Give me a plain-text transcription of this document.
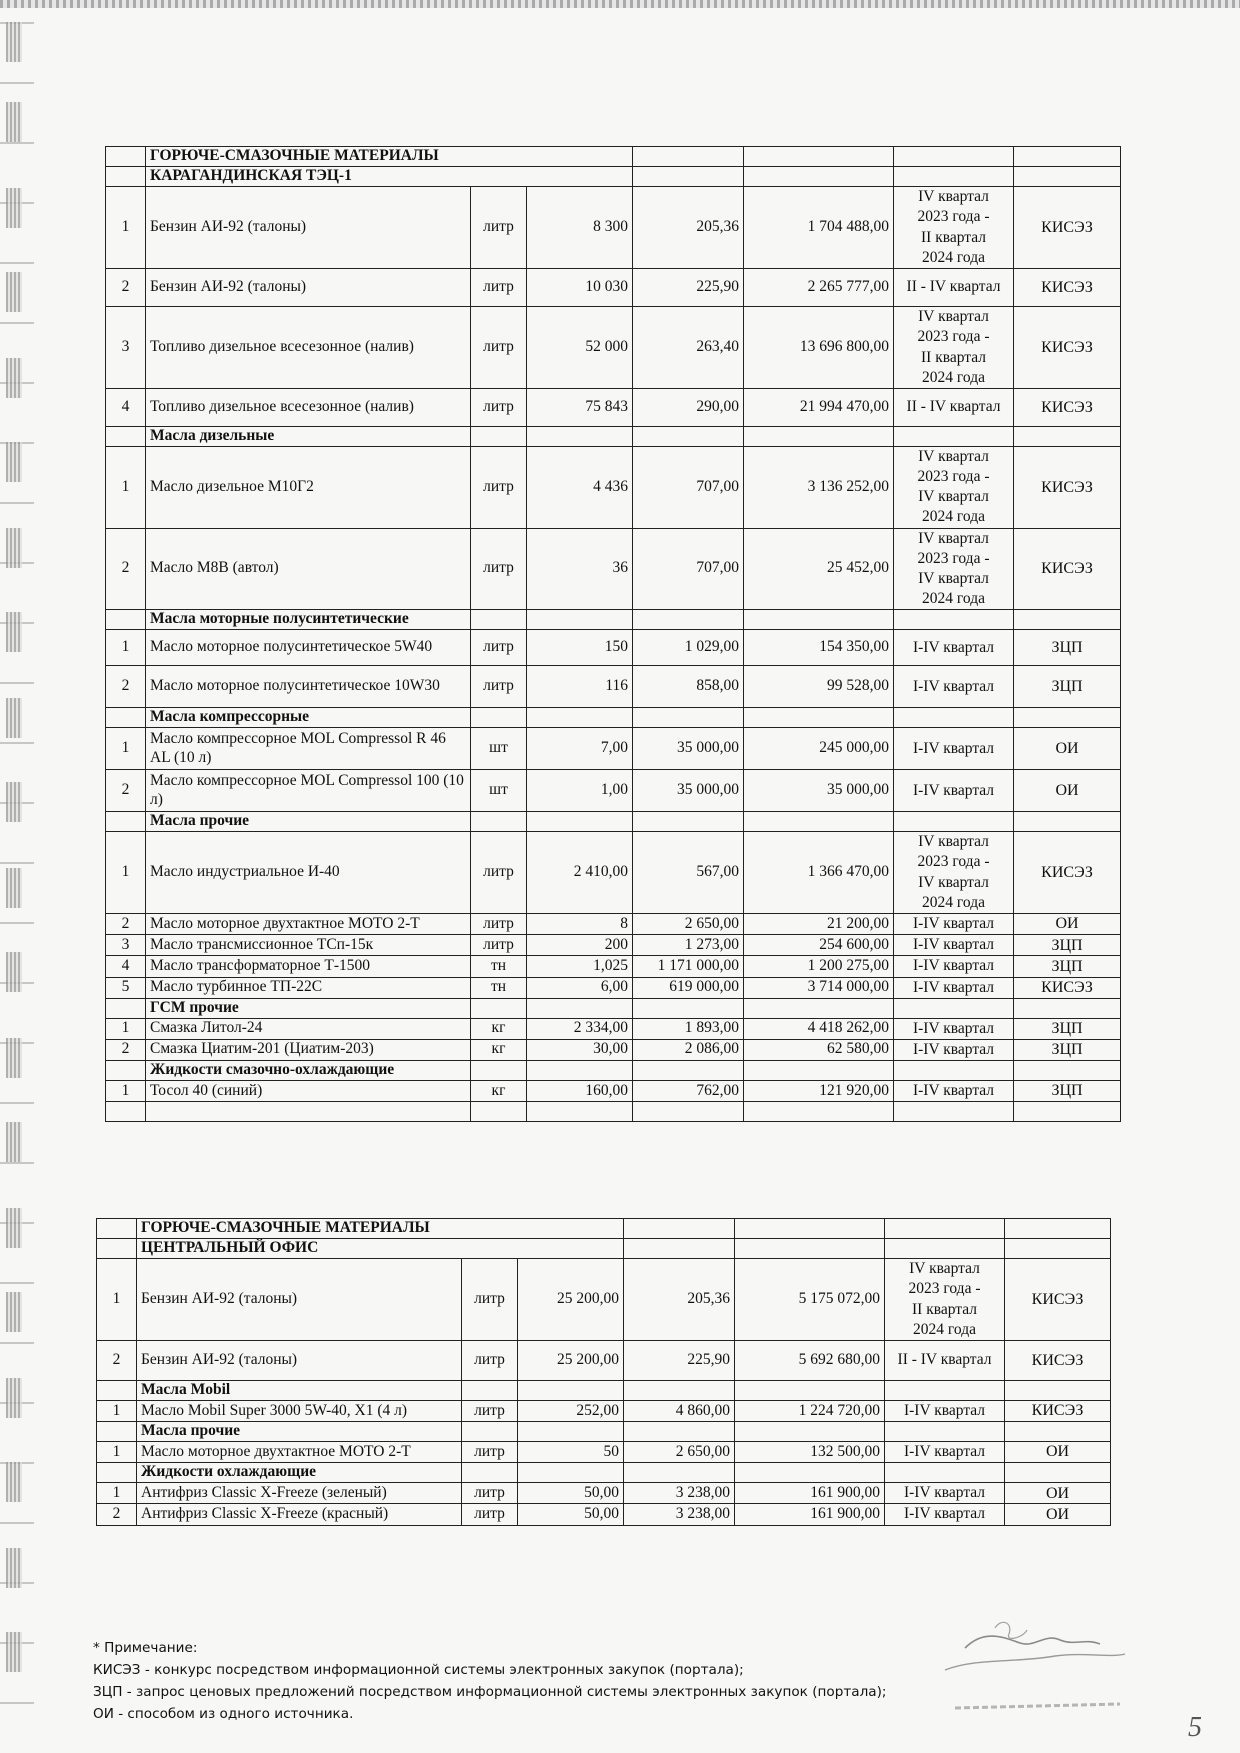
	ГОРЮЧЕ-СМАЗОЧНЫЕ МАТЕРИАЛЫ						
	КАРАГАНДИНСКАЯ ТЭЦ-1						
1	Бензин АИ-92 (талоны)	литр	8 300	205,36	1 704 488,00	IV квартал
2023 года -
II квартал
2024 года	КИСЭЗ
2	Бензин АИ-92 (талоны)	литр	10 030	225,90	2 265 777,00	II - IV квартал	КИСЭЗ
3	Топливо дизельное всесезонное (налив)	литр	52 000	263,40	13 696 800,00	IV квартал
2023 года -
II квартал
2024 года	КИСЭЗ
4	Топливо дизельное всесезонное (налив)	литр	75 843	290,00	21 994 470,00	II - IV квартал	КИСЭЗ
	Масла дизельные						
1	Масло дизельное М10Г2	литр	4 436	707,00	3 136 252,00	IV квартал
2023 года -
IV квартал
2024 года	КИСЭЗ
2	Масло М8В (автол)	литр	36	707,00	25 452,00	IV квартал
2023 года -
IV квартал
2024 года	КИСЭЗ
	Масла моторные полусинтетические						
1	Масло моторное полусинтетическое 5W40	литр	150	1 029,00	154 350,00	I-IV квартал	ЗЦП
2	Масло моторное полусинтетическое 10W30	литр	116	858,00	99 528,00	I-IV квартал	ЗЦП
	Масла компрессорные						
1	Масло компрессорное MOL Compressol R 46 AL (10 л)	шт	7,00	35 000,00	245 000,00	I-IV квартал	ОИ
2	Масло компрессорное MOL Compressol 100 (10 л)	шт	1,00	35 000,00	35 000,00	I-IV квартал	ОИ
	Масла прочие						
1	Масло индустриальное И-40	литр	2 410,00	567,00	1 366 470,00	IV квартал
2023 года -
IV квартал
2024 года	КИСЭЗ
2	Масло моторное двухтактное МОТО 2-Т	литр	8	2 650,00	21 200,00	I-IV квартал	ОИ
3	Масло трансмиссионное ТСп-15к	литр	200	1 273,00	254 600,00	I-IV квартал	ЗЦП
4	Масло трансформаторное Т-1500	тн	1,025	1 171 000,00	1 200 275,00	I-IV квартал	ЗЦП
5	Масло турбинное ТП-22С	тн	6,00	619 000,00	3 714 000,00	I-IV квартал	КИСЭЗ
	ГСМ прочие						
1	Смазка Литол-24	кг	2 334,00	1 893,00	4 418 262,00	I-IV квартал	ЗЦП
2	Смазка Циатим-201 (Циатим-203)	кг	30,00	2 086,00	62 580,00	I-IV квартал	ЗЦП
	Жидкости смазочно-охлаждающие						
1	Тосол 40 (синий)	кг	160,00	762,00	121 920,00	I-IV квартал	ЗЦП

	ГОРЮЧЕ-СМАЗОЧНЫЕ МАТЕРИАЛЫ						
	ЦЕНТРАЛЬНЫЙ ОФИС						
1	Бензин АИ-92 (талоны)	литр	25 200,00	205,36	5 175 072,00	IV квартал
2023 года -
II квартал
2024 года	КИСЭЗ
2	Бензин АИ-92 (талоны)	литр	25 200,00	225,90	5 692 680,00	II - IV квартал	КИСЭЗ
	Масла Mobil						
1	Масло Mobil Super 3000 5W-40, X1 (4 л)	литр	252,00	4 860,00	1 224 720,00	I-IV квартал	КИСЭЗ
	Масла прочие						
1	Масло моторное двухтактное МОТО 2-Т	литр	50	2 650,00	132 500,00	I-IV квартал	ОИ
	Жидкости охлаждающие						
1	Антифриз Classic X-Freeze (зелeный)	литр	50,00	3 238,00	161 900,00	I-IV квартал	ОИ
2	Антифриз Classic X-Freeze (красный)	литр	50,00	3 238,00	161 900,00	I-IV квартал	ОИ
* Примечание:
КИСЭЗ - конкурс посредством информационной системы электронных закупок (портала);
ЗЦП - запрос ценовых предложений посредством информационной системы электронных закупок (портала);
ОИ - способом из одного источника.	5
